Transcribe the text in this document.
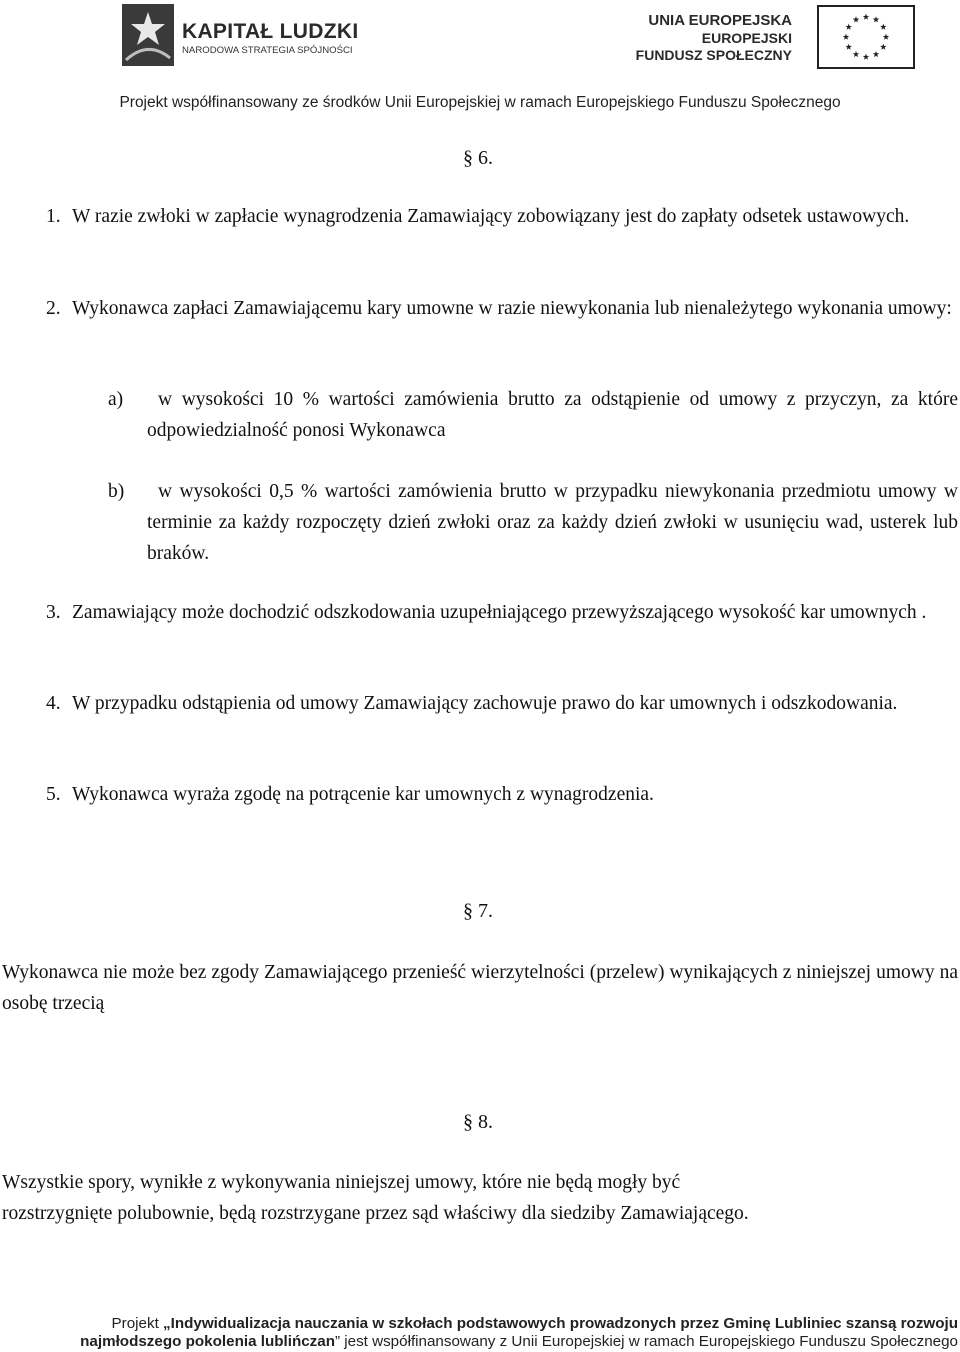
KAPITAŁ LUDZKI
NARODOWA STRATEGIA SPÓJNOŚCI
UNIA EUROPEJSKA
EUROPEJSKI
FUNDUSZ SPOŁECZNY
Projekt współfinansowany ze środków Unii Europejskiej w ramach Europejskiego Funduszu Społecznego
§ 6.
1. W razie zwłoki w zapłacie wynagrodzenia Zamawiający zobowiązany jest do zapłaty odsetek ustawowych.
2. Wykonawca zapłaci Zamawiającemu kary umowne w razie niewykonania lub nienależytego wykonania umowy:
a)	w wysokości 10 % wartości zamówienia brutto za odstąpienie od umowy z przyczyn, za które odpowiedzialność ponosi Wykonawca
b)	w wysokości 0,5 % wartości zamówienia brutto w przypadku niewykonania przedmiotu umowy w terminie za każdy rozpoczęty dzień zwłoki oraz za każdy dzień zwłoki w usunięciu wad, usterek lub braków.
3. Zamawiający może dochodzić odszkodowania uzupełniającego przewyższającego wysokość kar umownych .
4. W przypadku odstąpienia od umowy Zamawiający zachowuje prawo do kar umownych i odszkodowania.
5. Wykonawca wyraża zgodę na potrącenie kar umownych z wynagrodzenia.
§ 7.
Wykonawca nie może bez zgody Zamawiającego przenieść wierzytelności (przelew) wynikających z niniejszej umowy na osobę trzecią
§ 8.
Wszystkie spory, wynikłe z wykonywania niniejszej umowy, które nie będą mogły być
rozstrzygnięte polubownie, będą rozstrzygane przez sąd właściwy dla siedziby Zamawiającego.
Projekt „Indywidualizacja nauczania w szkołach podstawowych prowadzonych przez Gminę Lubliniec szansą rozwoju
najmłodszego pokolenia lublińczan” jest współfinansowany z Unii Europejskiej w ramach Europejskiego Funduszu Społecznego
